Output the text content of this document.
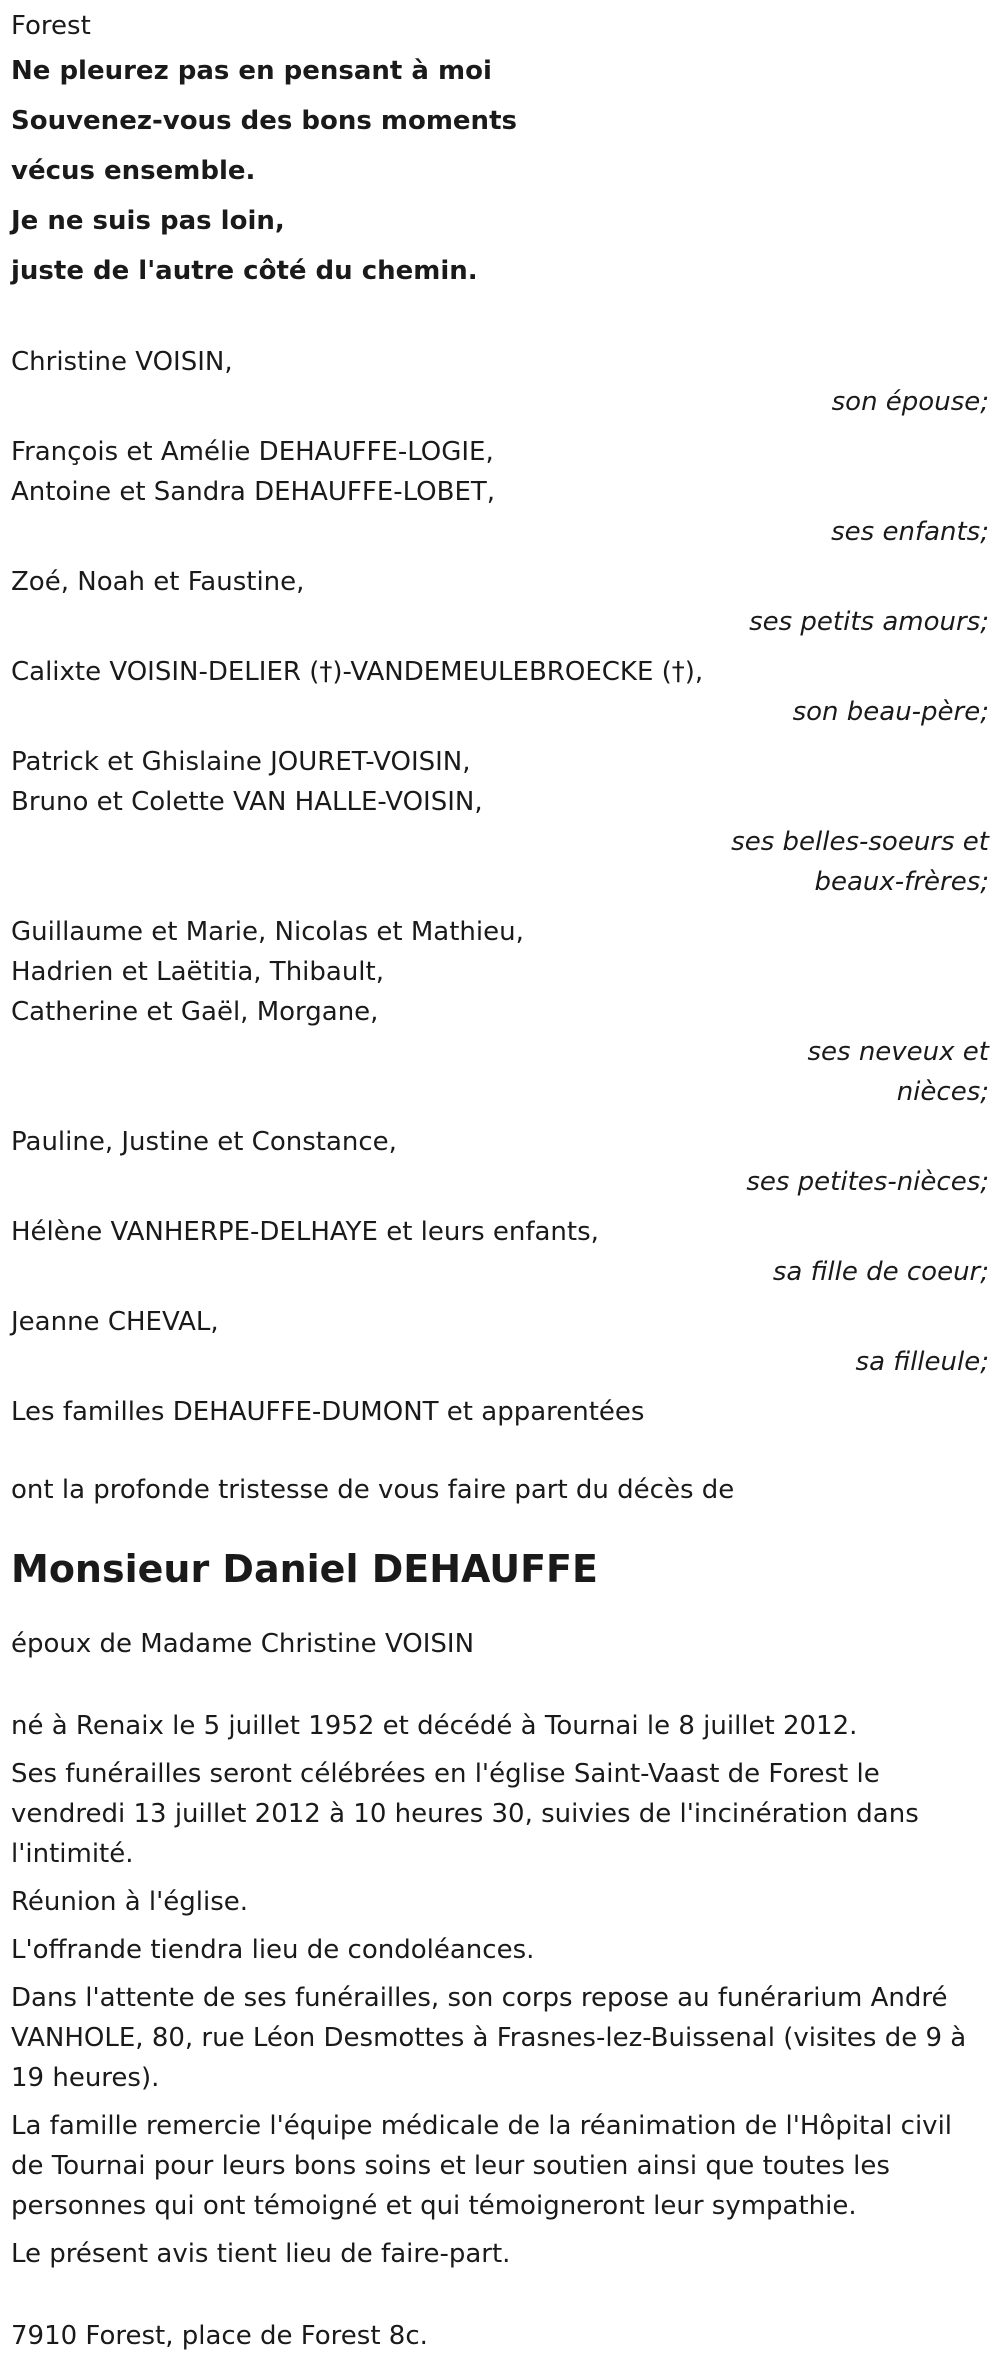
Forest
Ne pleurez pas en pensant à moi
Souvenez-vous des bons moments
vécus ensemble.
Je ne suis pas loin,
juste de l'autre côté du chemin.
Christine VOISIN,
son épouse;
François et Amélie DEHAUFFE-LOGIE,
Antoine et Sandra DEHAUFFE-LOBET,
ses enfants;
Zoé, Noah et Faustine,
ses petits amours;
Calixte VOISIN-DELIER (†)-VANDEMEULEBROECKE (†),
son beau-père;
Patrick et Ghislaine JOURET-VOISIN,
Bruno et Colette VAN HALLE-VOISIN,
ses belles-soeurs et
beaux-frères;
Guillaume et Marie, Nicolas et Mathieu,
Hadrien et Laëtitia, Thibault,
Catherine et Gaël, Morgane,
ses neveux et
nièces;
Pauline, Justine et Constance,
ses petites-nièces;
Hélène VANHERPE-DELHAYE et leurs enfants,
sa fille de coeur;
Jeanne CHEVAL,
sa filleule;
Les familles DEHAUFFE-DUMONT et apparentées
ont la profonde tristesse de vous faire part du décès de
Monsieur Daniel DEHAUFFE
époux de Madame Christine VOISIN
né à Renaix le 5 juillet 1952 et décédé à Tournai le 8 juillet 2012.
Ses funérailles seront célébrées en l'église Saint-Vaast de Forest le vendredi 13 juillet 2012 à 10 heures 30, suivies de l'incinération dans l'intimité.
Réunion à l'église.
L'offrande tiendra lieu de condoléances.
Dans l'attente de ses funérailles, son corps repose au funérarium André VANHOLE, 80, rue Léon Desmottes à Frasnes-lez-Buissenal (visites de 9 à 19 heures).
La famille remercie l'équipe médicale de la réanimation de l'Hôpital civil de Tournai pour leurs bons soins et leur soutien ainsi que toutes les personnes qui ont témoigné et qui témoigneront leur sympathie.
Le présent avis tient lieu de faire-part.
7910 Forest, place de Forest 8c.
